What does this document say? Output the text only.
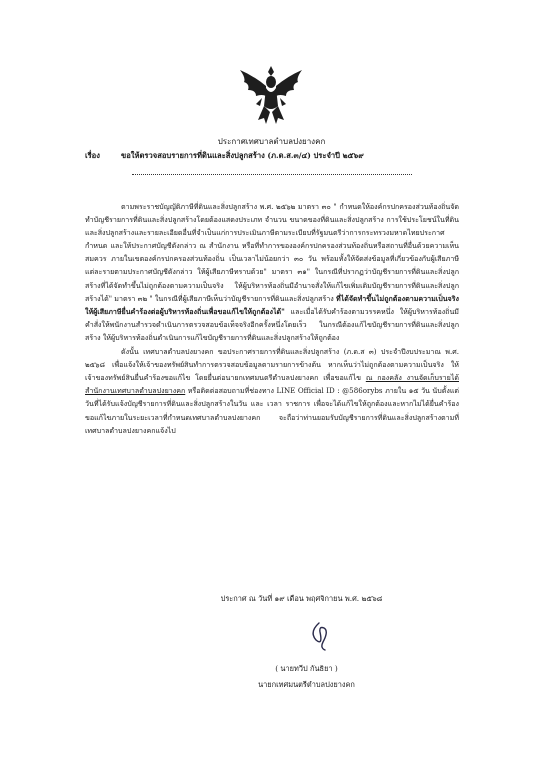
ประกาศเทศบาลตำบลปงยางคก
เรื่อง	ขอให้ตรวจสอบรายการที่ดินและสิ่งปลูกสร้าง (ภ.ด.ส.๓/๔) ประจำปี ๒๕๖๙

ตามพระราชบัญญัติภาษีที่ดินและสิ่งปลูกสร้าง พ.ศ. ๒๕๖๒ มาตรา ๓๐ " กำหนดให้องค์กรปกครองส่วนท้องถิ่นจัดทำบัญชีรายการที่ดินและสิ่งปลูกสร้างโดยต้องแสดงประเภท จำนวน ขนาดของที่ดินและสิ่งปลูกสร้าง การใช้ประโยชน์ในที่ดินและสิ่งปลูกสร้างและรายละเอียดอื่นที่จำเป็นแก่การประเมินภาษีตามระเบียบที่รัฐมนตรีว่าการกระทรวงมหาดไทยประกาศกำหนด และให้ประกาศบัญชีดังกล่าว ณ สำนักงาน หรือที่ทำการขององค์กรปกครองส่วนท้องถิ่นหรือสถานที่อื่นด้วยความเห็นสมควร ภายในเขตองค์กรปกครองส่วนท้องถิ่น เป็นเวลาไม่น้อยกว่า ๓๐ วัน พร้อมทั้งให้จัดส่งข้อมูลที่เกี่ยวข้องกับผู้เสียภาษีแต่ละรายตามประกาศบัญชีดังกล่าว ให้ผู้เสียภาษีทราบด้วย" มาตรา ๓๑" ในกรณีที่ปรากฏว่าบัญชีรายการที่ดินและสิ่งปลูกสร้างที่ได้จัดทำขึ้นไม่ถูกต้องตามความเป็นจริง ให้ผู้บริหารท้องถิ่นมีอำนาจสั่งให้แก้ไขเพิ่มเติมบัญชีรายการที่ดินและสิ่งปลูกสร้างได้" มาตรา ๓๒ " ในกรณีที่ผู้เสียภาษีเห็นว่าบัญชีรายการที่ดินและสิ่งปลูกสร้าง ที่ได้จัดทำขึ้นไม่ถูกต้องตามความเป็นจริง ให้ผู้เสียภาษียื่นคำร้องต่อผู้บริหารท้องถิ่นเพื่อขอแก้ไขให้ถูกต้องได้" และเมื่อได้รับคำร้องตามวรรคหนึ่ง ให้ผู้บริหารท้องถิ่นมีคำสั่งให้พนักงานสำรวจดำเนินการตรวจสอบข้อเท็จจริงอีกครั้งหนึ่งโดยเร็ว ในกรณีต้องแก้ไขบัญชีรายการที่ดินและสิ่งปลูกสร้าง ให้ผู้บริหารท้องถิ่นดำเนินการแก้ไขบัญชีรายการที่ดินและสิ่งปลูกสร้างให้ถูกต้อง

ดังนั้น เทศบาลตำบลปงยางคก ขอประกาศรายการที่ดินและสิ่งปลูกสร้าง (ภ.ด.ส ๓) ประจำปีงบประมาณ พ.ศ. ๒๕๖๘ เพื่อแจ้งให้เจ้าของทรัพย์สินทำการตรวจสอบข้อมูลตามรายการข้างต้น หากเห็นว่าไม่ถูกต้องตามความเป็นจริง ให้เจ้าของทรัพย์สินยื่นคำร้องขอแก้ไข โดยยื่นต่อนายกเทศมนตรีตำบลปงยางคก เพื่อขอแก้ไข ณ กองคลัง งานจัดเก็บรายได้ สำนักงานเทศบาลตำบลปงยางคก หรือติดต่อสอบถามที่ช่องทาง LINE Official ID : @586orybs ภายใน ๑๕ วัน นับตั้งแต่วันที่ได้รับแจ้งบัญชีรายการที่ดินและสิ่งปลูกสร้างในวัน และ เวลา ราชการ เพื่อจะได้แก้ไขให้ถูกต้องและหากไม่ได้ยื่นคำร้องขอแก้ไขภายในระยะเวลาที่กำหนดเทศบาลตำบลปงยางคก จะถือว่าท่านยอมรับบัญชีรายการที่ดินและสิ่งปลูกสร้างตามที่เทศบาลตำบลปงยางคกแจ้งไป

ประกาศ ณ วันที่ ๑๙ เดือน พฤศจิกายน พ.ศ. ๒๕๖๘
( นายทวีป กันธิยา )
นายกเทศมนตรีตำบลปงยางคก
